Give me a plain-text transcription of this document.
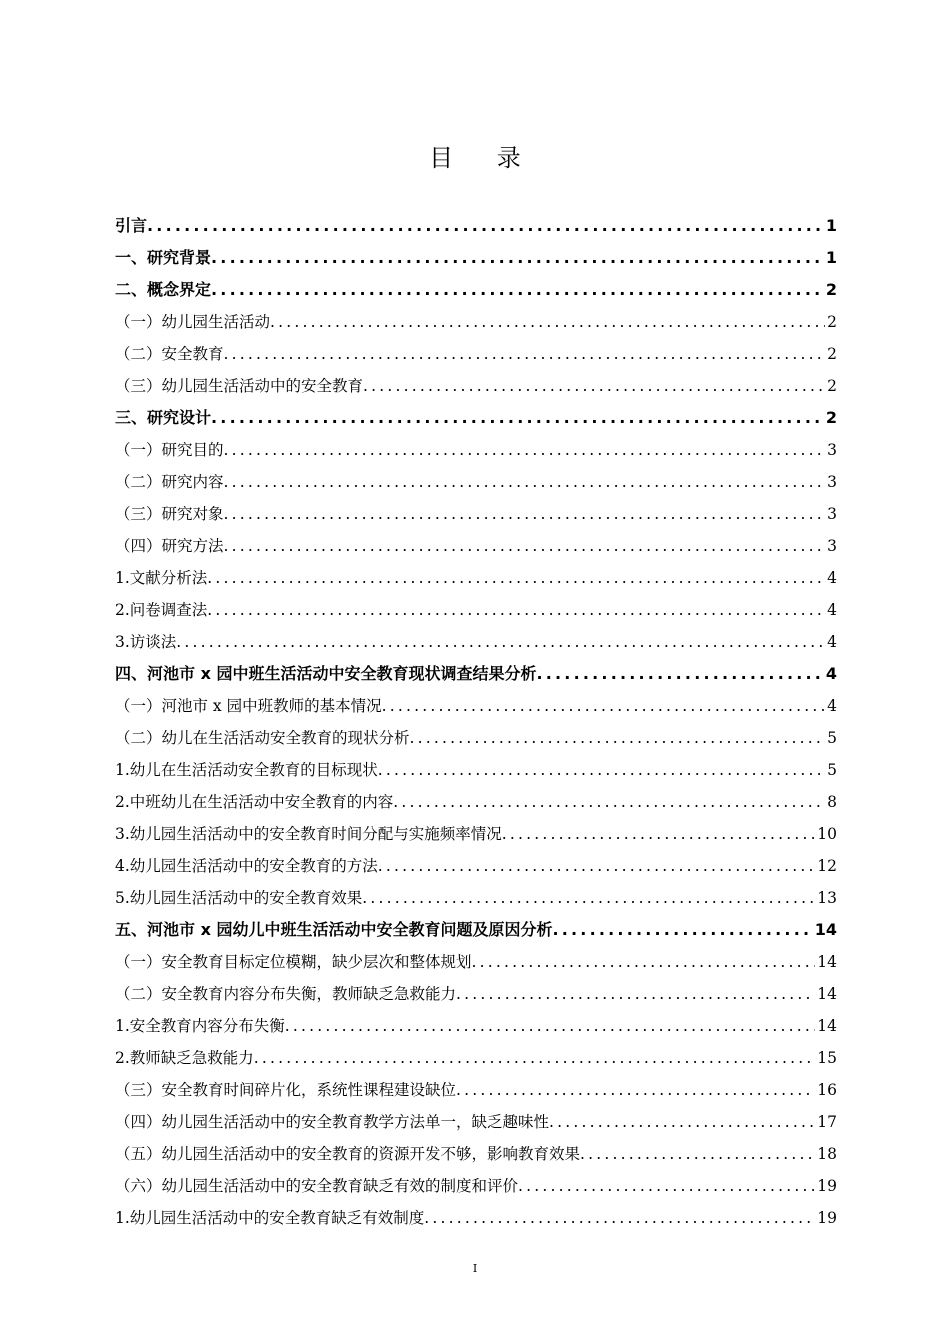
目 录
引言 .....	1
一、研究背景 .....	1
二、概念界定 .....	2
（一）幼儿园生活活动 .....	2
（二）安全教育 .....	2
（三）幼儿园生活活动中的安全教育 .....	2
三、研究设计 .....	2
（一）研究目的 .....	3
（二）研究内容 .....	3
（三）研究对象 .....	3
（四）研究方法 .....	3
1.文献分析法 .....	4
2.问卷调查法 .....	4
3.访谈法 .....	4
四、河池市 x 园中班生活活动中安全教育现状调查结果分析 .....	4
（一）河池市 x 园中班教师的基本情况 .....	4
（二）幼儿在生活活动安全教育的现状分析 .....	5
1.幼儿在生活活动安全教育的目标现状 .....	5
2.中班幼儿在生活活动中安全教育的内容 .....	8
3.幼儿园生活活动中的安全教育时间分配与实施频率情况 .....	10
4.幼儿园生活活动中的安全教育的方法 .....	12
5.幼儿园生活活动中的安全教育效果 .....	13
五、河池市 x 园幼儿中班生活活动中安全教育问题及原因分析 .....	14
（一）安全教育目标定位模糊，缺少层次和整体规划 .....	14
（二）安全教育内容分布失衡，教师缺乏急救能力 .....	14
1.安全教育内容分布失衡 .....	14
2.教师缺乏急救能力 .....	15
（三）安全教育时间碎片化，系统性课程建设缺位 .....	16
（四）幼儿园生活活动中的安全教育教学方法单一，缺乏趣味性 .....	17
（五）幼儿园生活活动中的安全教育的资源开发不够，影响教育效果 .....	18
（六）幼儿园生活活动中的安全教育缺乏有效的制度和评价 .....	19
1.幼儿园生活活动中的安全教育缺乏有效制度 .....	19
I
